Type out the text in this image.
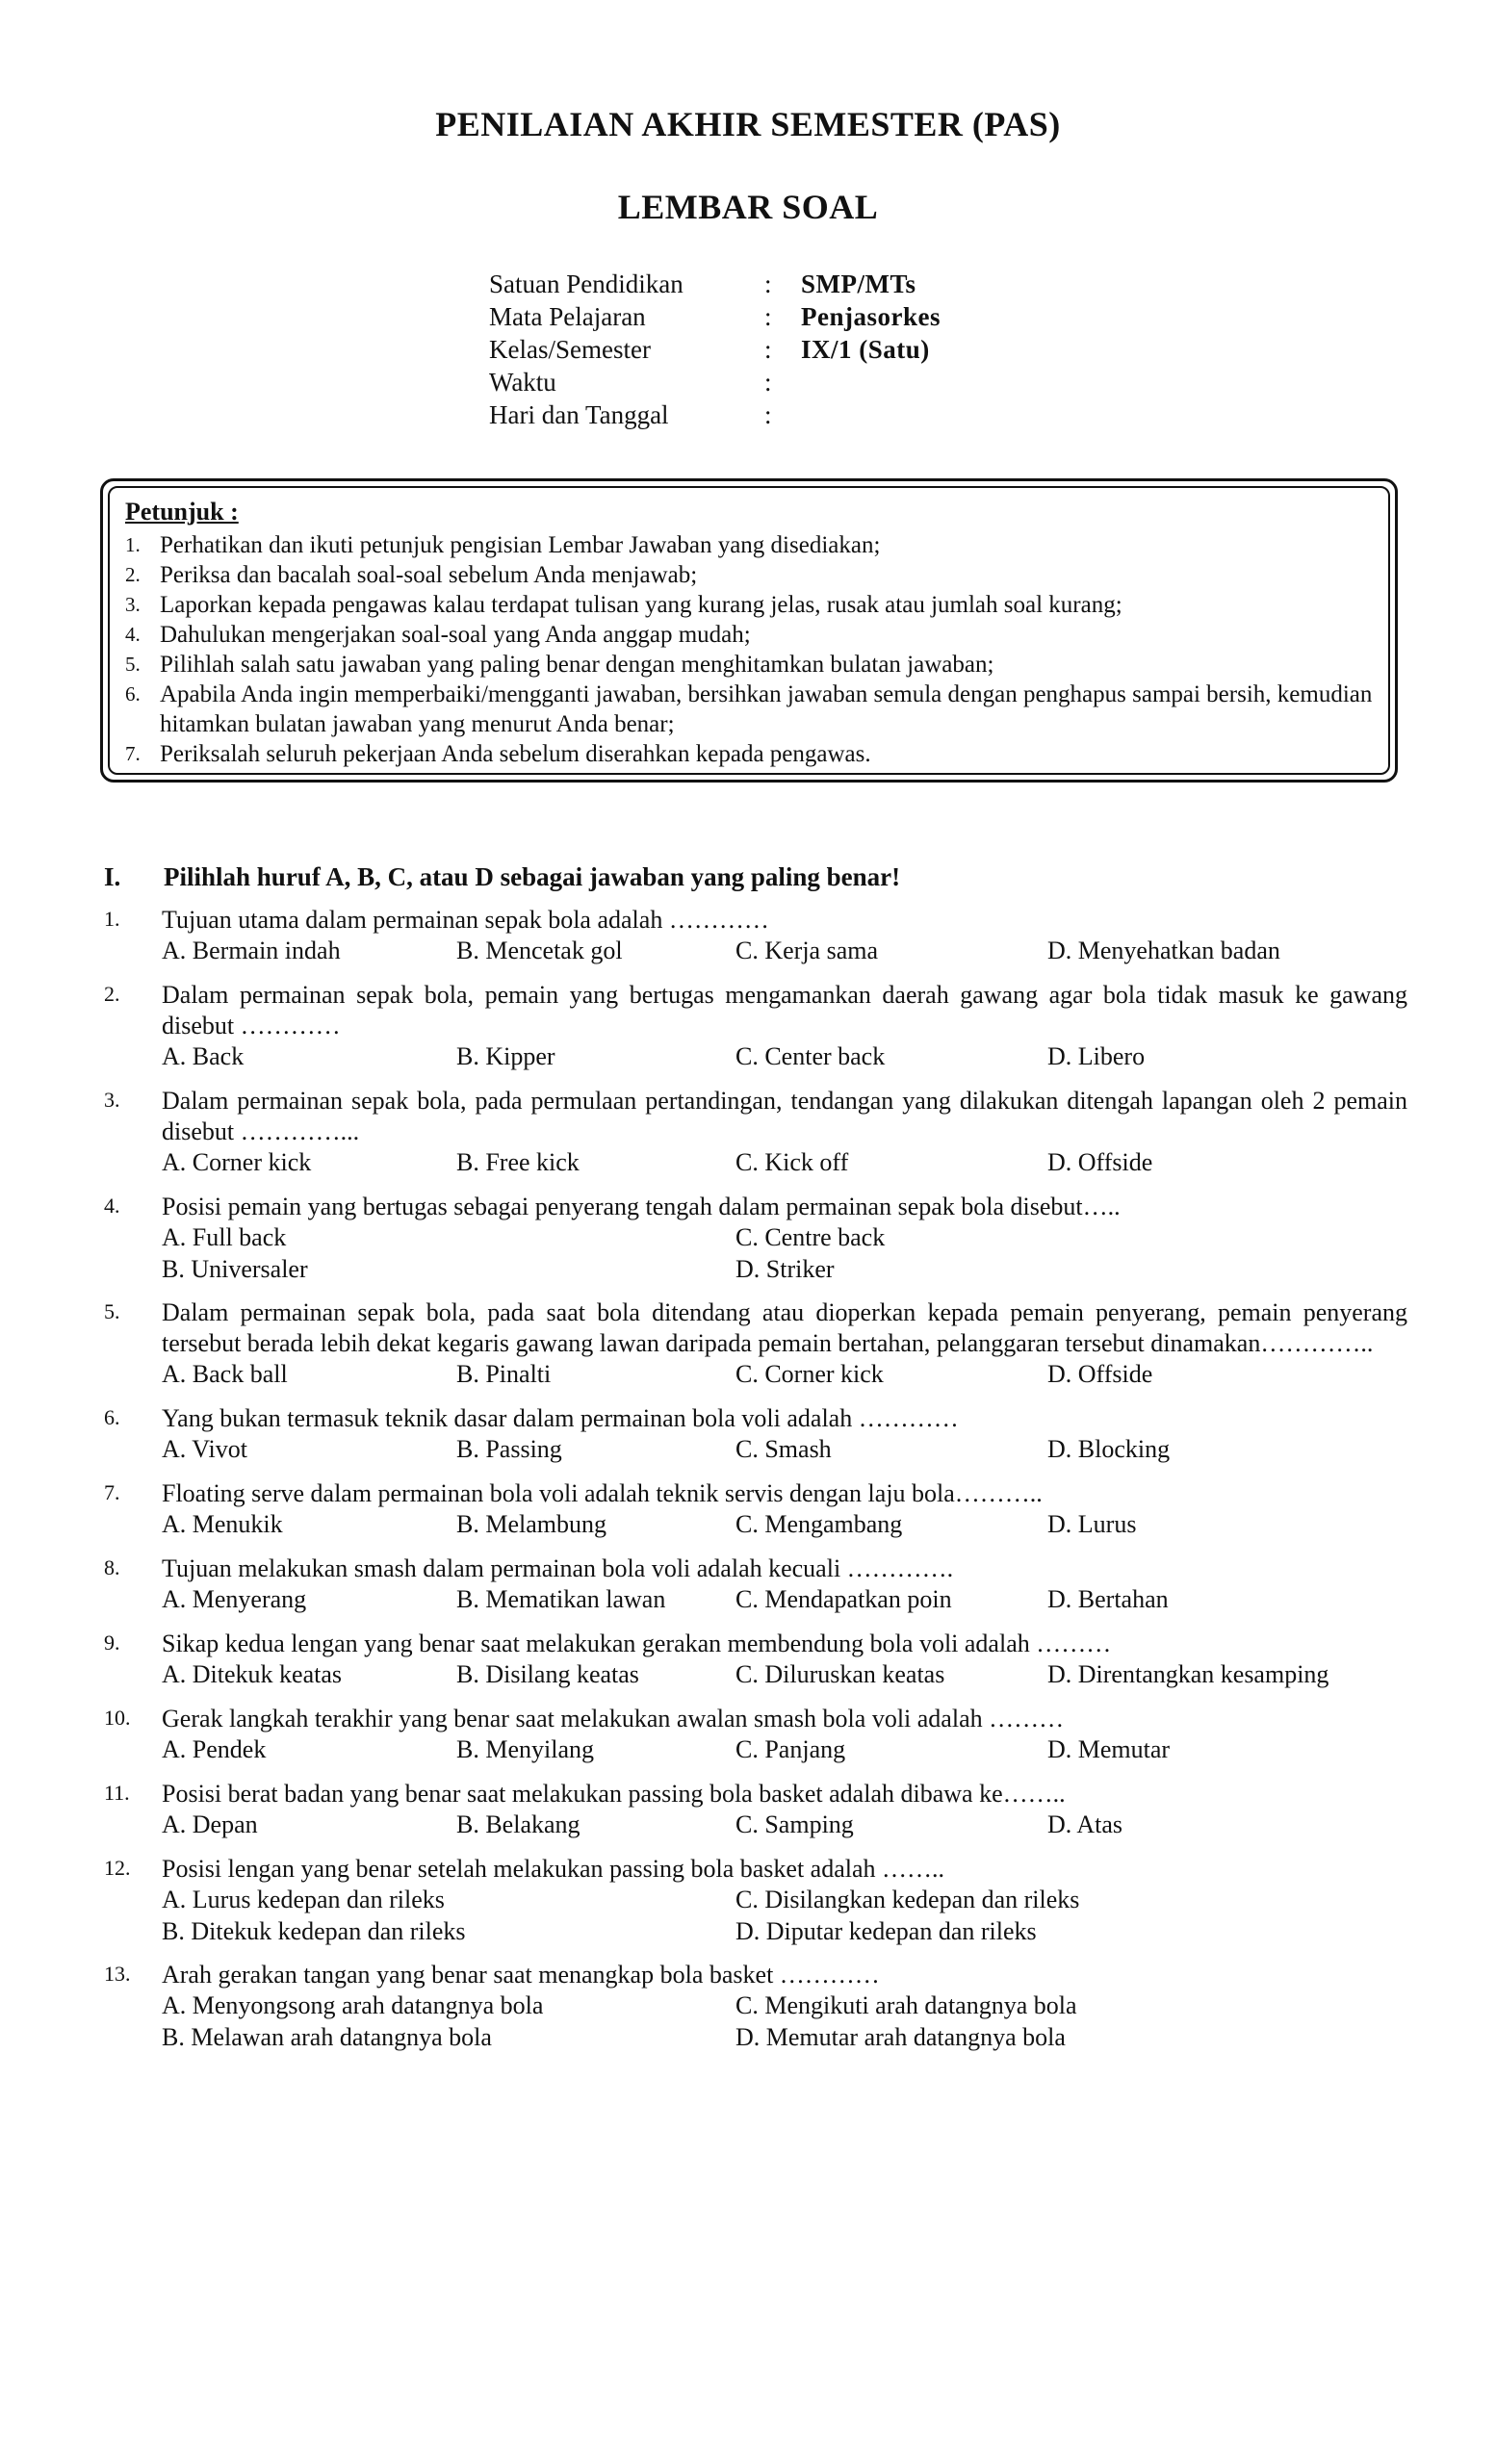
PENILAIAN AKHIR SEMESTER (PAS)
LEMBAR SOAL
Satuan Pendidikan	: SMP/MTs
Mata Pelajaran	: Penjasorkes
Kelas/Semester	: IX/1 (Satu)
Waktu	:
Hari dan Tanggal	:
Petunjuk :
1. Perhatikan dan ikuti petunjuk pengisian Lembar Jawaban yang disediakan;
2. Periksa dan bacalah soal-soal sebelum Anda menjawab;
3. Laporkan kepada pengawas kalau terdapat tulisan yang kurang jelas, rusak atau jumlah soal kurang;
4. Dahulukan mengerjakan soal-soal yang Anda anggap mudah;
5. Pilihlah salah satu jawaban yang paling benar dengan menghitamkan bulatan jawaban;
6. Apabila Anda ingin memperbaiki/mengganti jawaban, bersihkan jawaban semula dengan penghapus sampai bersih, kemudian hitamkan bulatan jawaban yang menurut Anda benar;
7. Periksalah seluruh pekerjaan Anda sebelum diserahkan kepada pengawas.
I. Pilihlah huruf A, B, C, atau D sebagai jawaban yang paling benar!
1. Tujuan utama dalam permainan sepak bola adalah …………
A. Bermain indah	B. Mencetak gol	C. Kerja sama	D. Menyehatkan badan
2. Dalam permainan sepak bola, pemain yang bertugas mengamankan daerah gawang agar bola tidak masuk ke gawang disebut …………
A. Back	B. Kipper	C. Center back	D. Libero
3. Dalam permainan sepak bola, pada permulaan pertandingan, tendangan yang dilakukan ditengah lapangan oleh 2 pemain disebut …………...
A. Corner kick	B. Free kick	C. Kick off	D. Offside
4. Posisi pemain yang bertugas sebagai penyerang tengah dalam permainan sepak bola disebut…..
A. Full back
B. Universaler
C. Centre back
D. Striker
5. Dalam permainan sepak bola, pada saat bola ditendang atau dioperkan kepada pemain penyerang, pemain penyerang tersebut berada lebih dekat kegaris gawang lawan daripada pemain bertahan, pelanggaran tersebut dinamakan…………..
A. Back ball	B. Pinalti	C. Corner kick	D. Offside
6. Yang bukan termasuk teknik dasar dalam permainan bola voli adalah …………
A. Vivot	B. Passing	C. Smash	D. Blocking
7. Floating serve dalam permainan bola voli adalah teknik servis dengan laju bola………..
A. Menukik	B. Melambung	C. Mengambang	D. Lurus
8. Tujuan melakukan smash dalam permainan bola voli adalah kecuali ………….
A. Menyerang	B. Mematikan lawan	C. Mendapatkan poin	D. Bertahan
9. Sikap kedua lengan yang benar saat melakukan gerakan membendung bola voli adalah ………
A. Ditekuk keatas	B. Disilang keatas	C. Diluruskan keatas	D. Direntangkan kesamping
10. Gerak langkah terakhir yang benar saat melakukan awalan smash bola voli adalah ………
A. Pendek	B. Menyilang	C. Panjang	D. Memutar
11. Posisi berat badan yang benar saat melakukan passing bola basket adalah dibawa ke……..
A. Depan	B. Belakang	C. Samping	D. Atas
12. Posisi lengan yang benar setelah melakukan passing bola basket adalah ……..
A. Lurus kedepan dan rileks
B. Ditekuk kedepan dan rileks
C. Disilangkan kedepan dan rileks
D. Diputar kedepan dan rileks
13. Arah gerakan tangan yang benar saat menangkap bola basket …………
A. Menyongsong arah datangnya bola
B. Melawan arah datangnya bola
C. Mengikuti arah datangnya bola
D. Memutar arah datangnya bola
